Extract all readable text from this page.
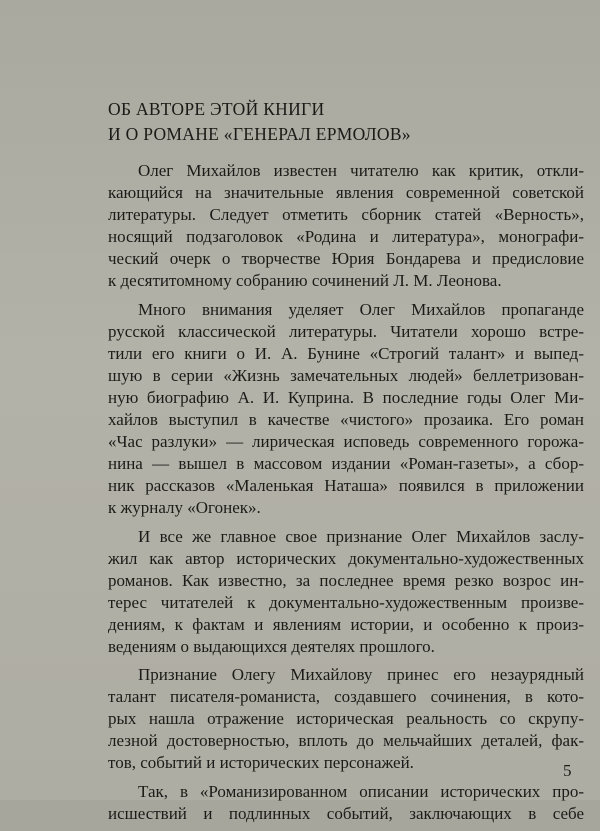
ОБ АВТОРЕ ЭТОЙ КНИГИ
И О РОМАНЕ «ГЕНЕРАЛ ЕРМОЛОВ»
Олег Михайлов известен читателю как критик, откли-
кающийся на значительные явления современной советской
литературы. Следует отметить сборник статей «Верность»,
носящий подзаголовок «Родина и литература», монографи-
ческий очерк о творчестве Юрия Бондарева и предисловие
к десятитомному собранию сочинений Л. М. Леонова.
Много внимания уделяет Олег Михайлов пропаганде
русской классической литературы. Читатели хорошо встре-
тили его книги о И. А. Бунине «Строгий талант» и выпед-
шую в серии «Жизнь замечательных людей» беллетризован-
ную биографию А. И. Куприна. В последние годы Олег Ми-
хайлов выступил в качестве «чистого» прозаика. Его роман
«Час разлуки» — лирическая исповедь современного горожа-
нина — вышел в массовом издании «Роман-газеты», а сбор-
ник рассказов «Маленькая Наташа» появился в приложении
к журналу «Огонек».
И все же главное свое признание Олег Михайлов заслу-
жил как автор исторических документально-художественных
романов. Как известно, за последнее время резко возрос ин-
терес читателей к документально-художественным произве-
дениям, к фактам и явлениям истории, и особенно к произ-
ведениям о выдающихся деятелях прошлого.
Признание Олегу Михайлову принес его незаурядный
талант писателя-романиста, создавшего сочинения, в кото-
рых нашла отражение историческая реальность со скрупу-
лезной достоверностью, вплоть до мельчайших деталей, фак-
тов, событий и исторических персонажей.
Так, в «Романизированном описании исторических про-
исшествий и подлинных событий, заключающих в себе
5
